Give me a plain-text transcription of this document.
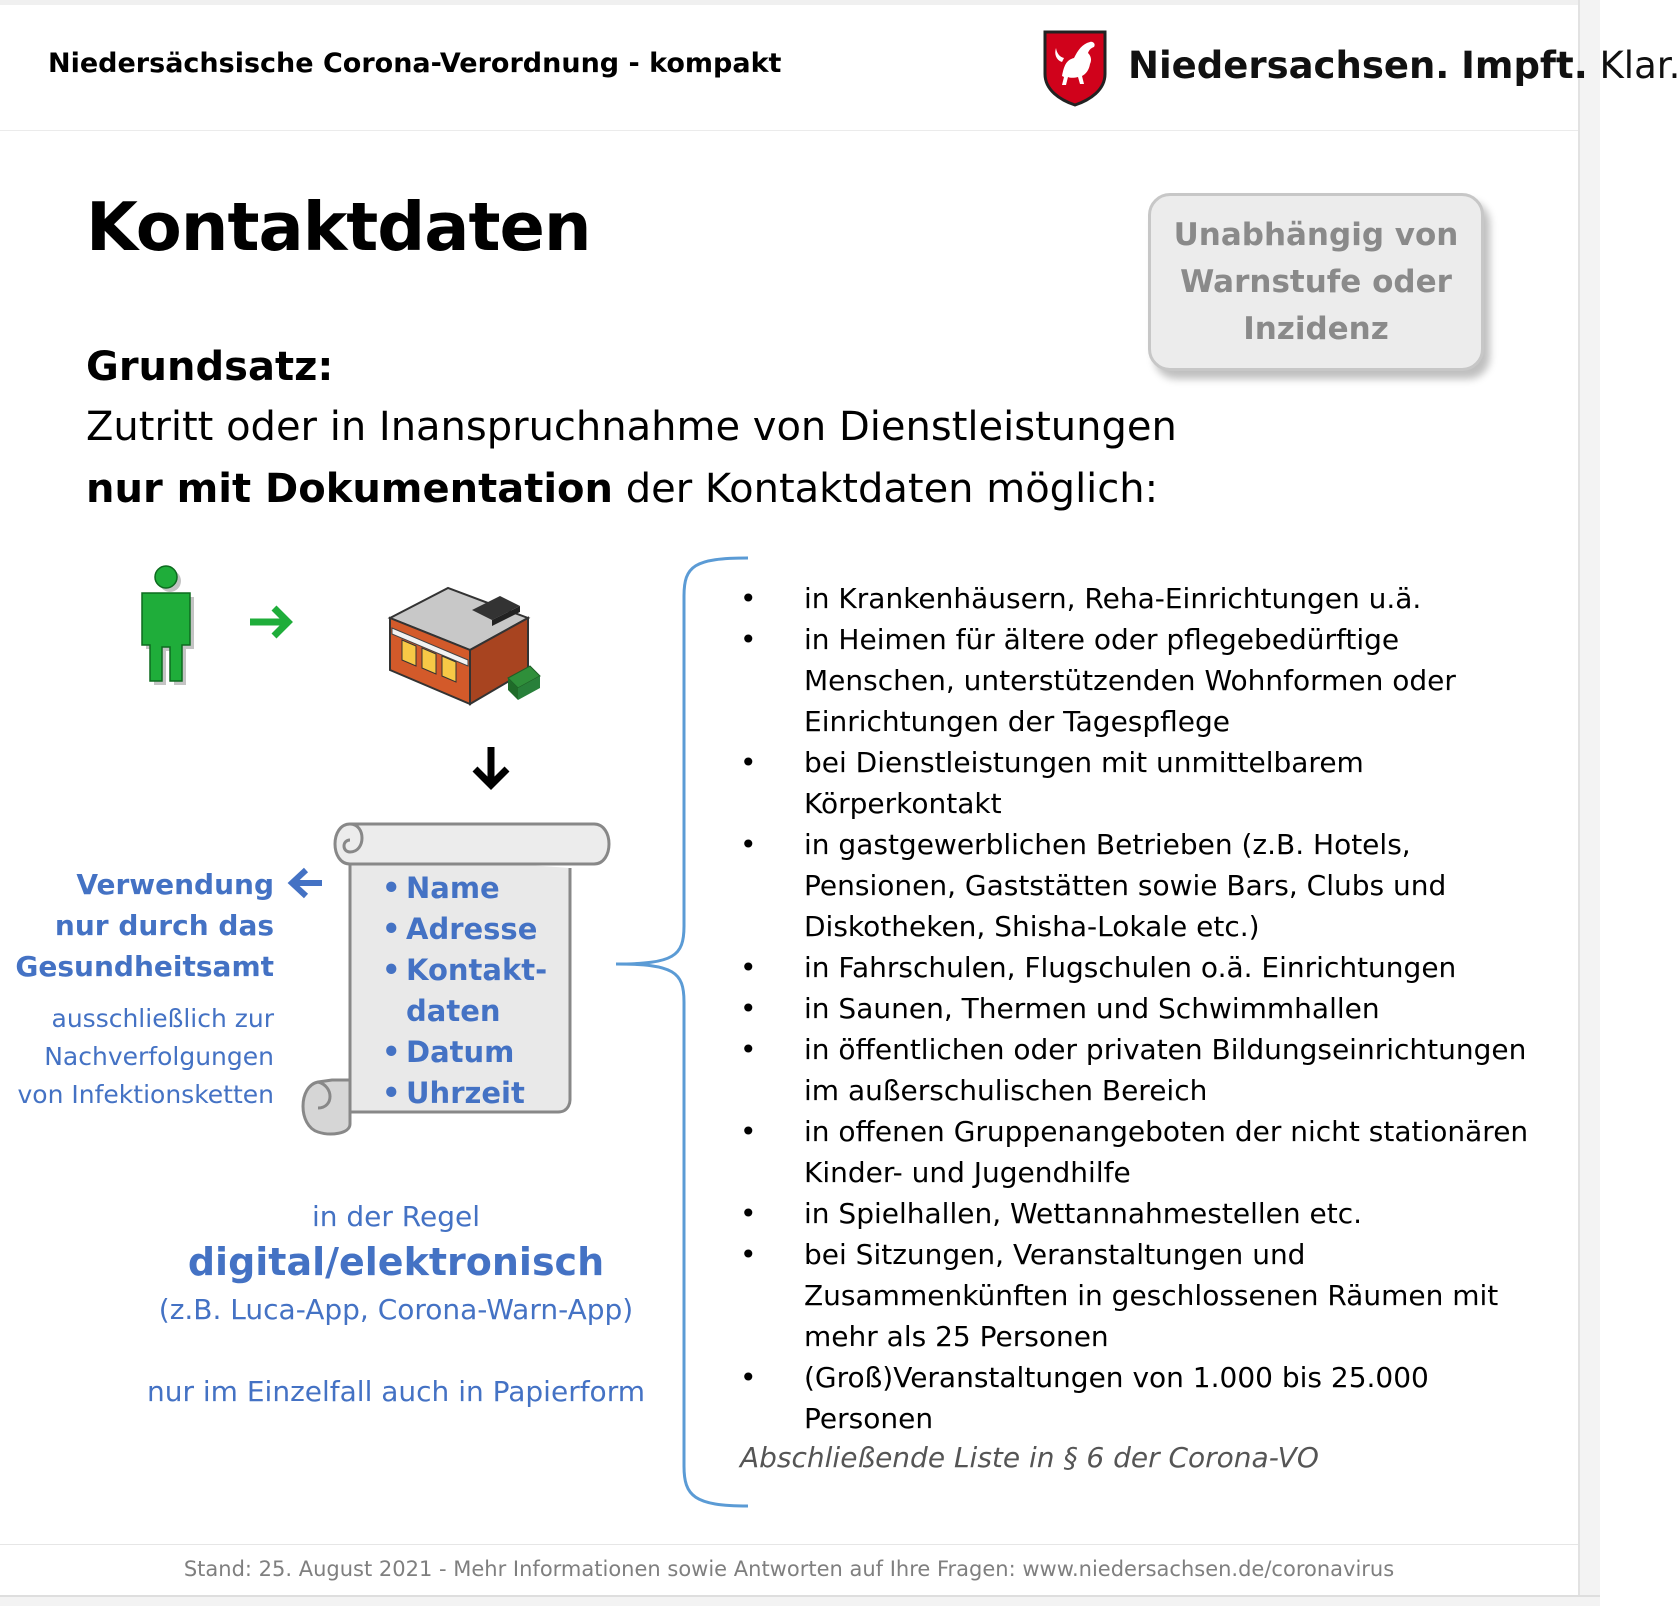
Niedersächsische Corona-Verordnung - kompakt	Niedersachsen. Impft. Klar.
Kontaktdaten	Unabhängig von
Warnstufe oder
Inzidenz
Grundsatz:
Zutritt oder in Inanspruchnahme von Dienstleistungen
nur mit Dokumentation der Kontaktdaten möglich:
• Name
• Adresse
• Kontakt-
daten
• Datum
• Uhrzeit
Verwendung
nur durch das
Gesundheitsamt
ausschließlich zur
Nachverfolgungen
von Infektionsketten
in der Regel
digital/elektronisch
(z.B. Luca-App, Corona-Warn-App)
nur im Einzelfall auch in Papierform
• in Krankenhäusern, Reha-Einrichtungen u.ä.
• in Heimen für ältere oder pflegebedürftige Menschen, unterstützenden Wohnformen oder Einrichtungen der Tagespflege
• bei Dienstleistungen mit unmittelbarem Körperkontakt
• in gastgewerblichen Betrieben (z.B. Hotels, Pensionen, Gaststätten sowie Bars, Clubs und Diskotheken, Shisha-Lokale etc.)
• in Fahrschulen, Flugschulen o.ä. Einrichtungen
• in Saunen, Thermen und Schwimmhallen
• in öffentlichen oder privaten Bildungseinrichtungen im außerschulischen Bereich
• in offenen Gruppenangeboten der nicht stationären Kinder- und Jugendhilfe
• in Spielhallen, Wettannahmestellen etc.
• bei Sitzungen, Veranstaltungen und Zusammenkünften in geschlossenen Räumen mit mehr als 25 Personen
• (Groß)Veranstaltungen von 1.000 bis 25.000 Personen
Abschließende Liste in § 6 der Corona-VO
Stand: 25. August 2021 - Mehr Informationen sowie Antworten auf Ihre Fragen: www.niedersachsen.de/coronavirus
